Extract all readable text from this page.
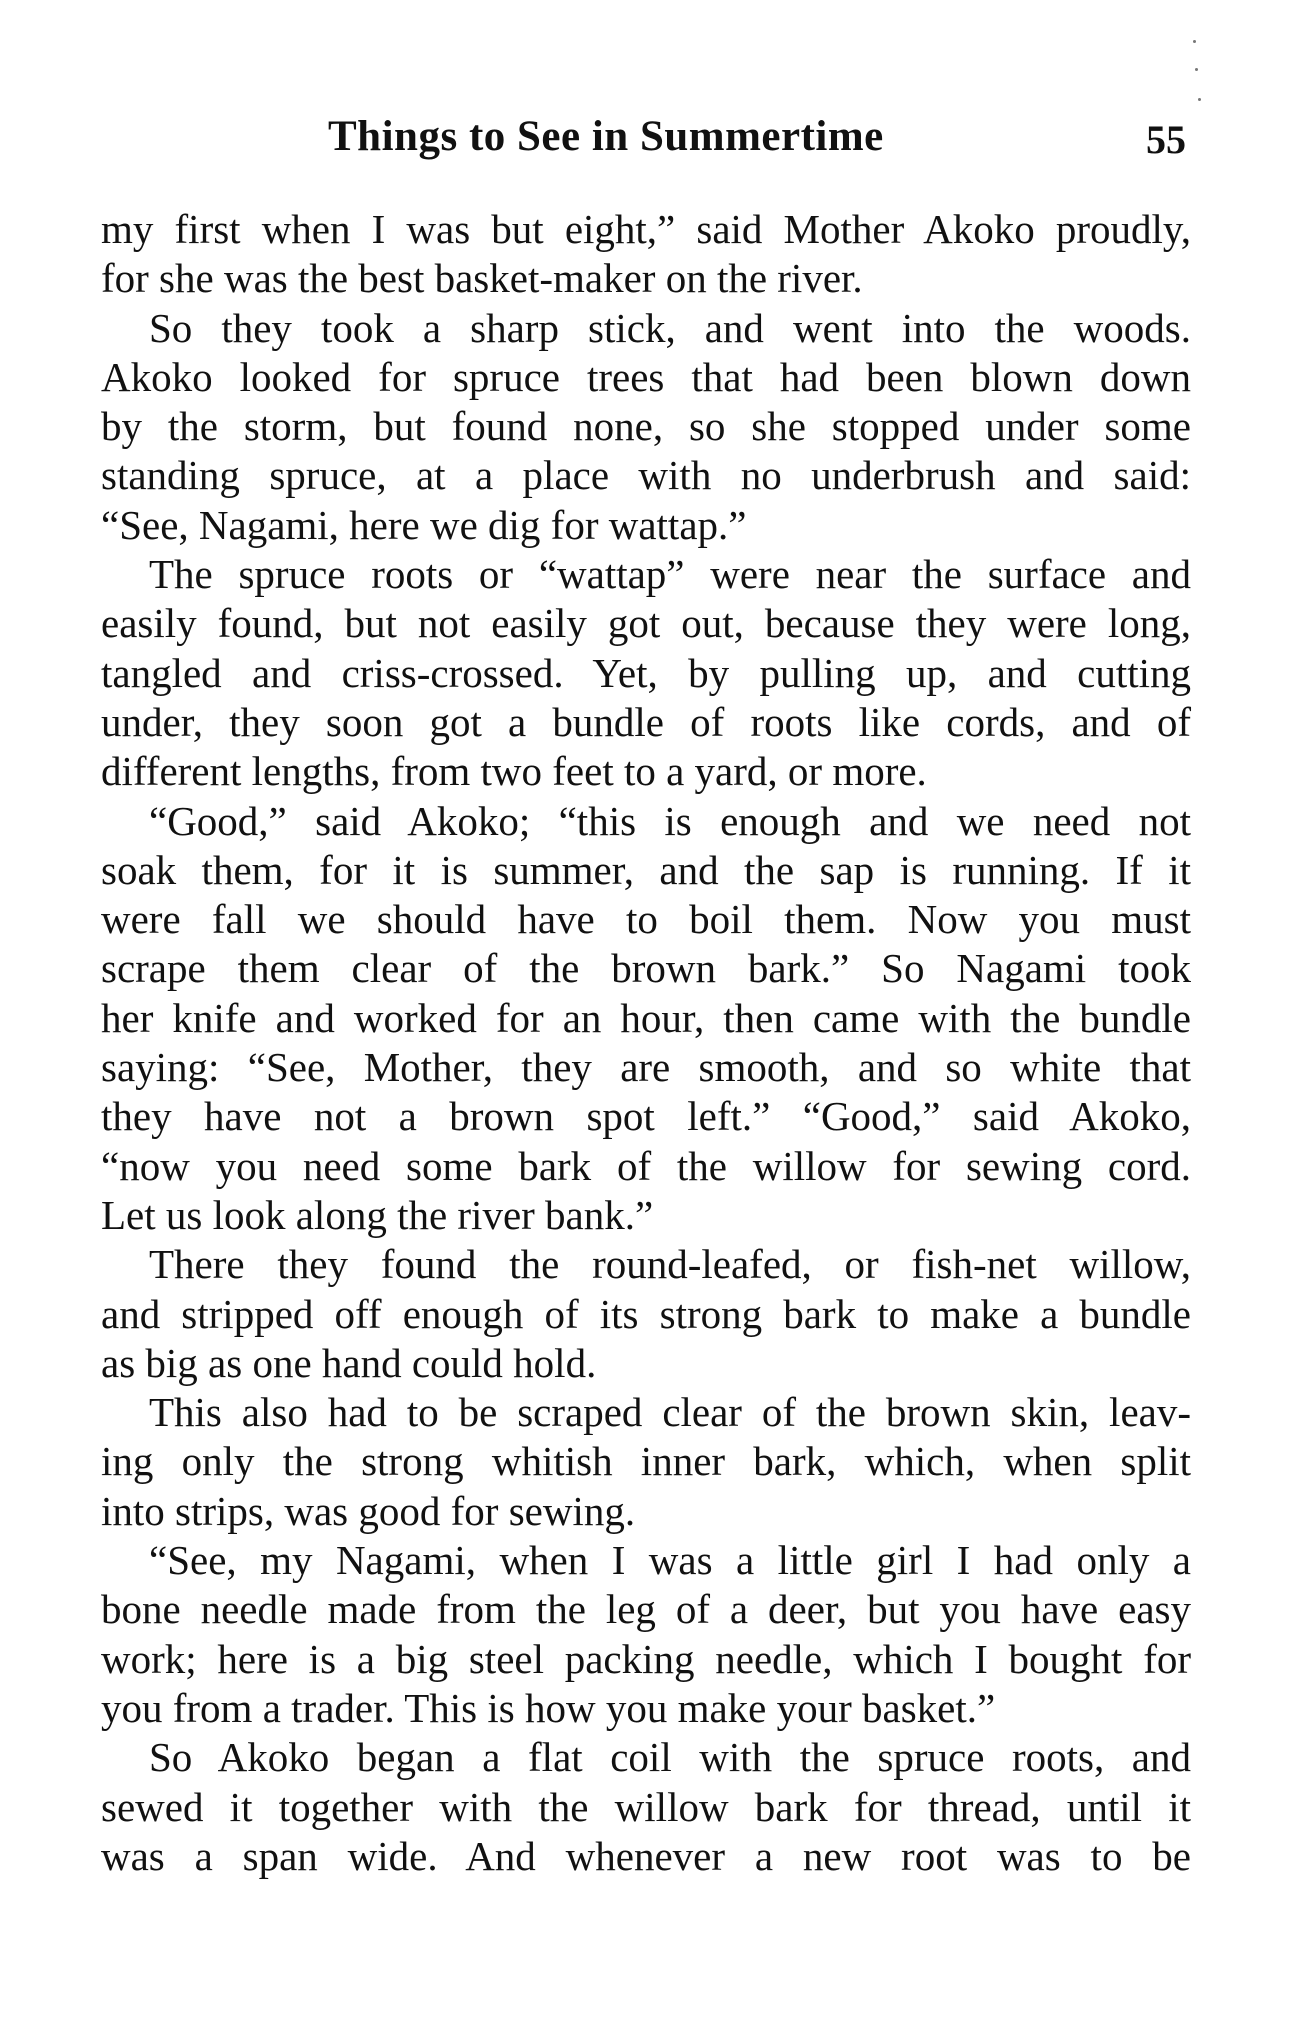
Things to See in Summertime	55
my first when I was but eight,” said Mother Akoko proudly,
for she was the best basket-maker on the river.
So they took a sharp stick, and went into the woods.
Akoko looked for spruce trees that had been blown down
by the storm, but found none, so she stopped under some
standing spruce, at a place with no underbrush and said:
“See, Nagami, here we dig for wattap.”
The spruce roots or “wattap” were near the surface and
easily found, but not easily got out, because they were long,
tangled and criss-crossed. Yet, by pulling up, and cutting
under, they soon got a bundle of roots like cords, and of
different lengths, from two feet to a yard, or more.
“Good,” said Akoko; “this is enough and we need not
soak them, for it is summer, and the sap is running. If it
were fall we should have to boil them. Now you must
scrape them clear of the brown bark.” So Nagami took
her knife and worked for an hour, then came with the bundle
saying: “See, Mother, they are smooth, and so white that
they have not a brown spot left.” “Good,” said Akoko,
“now you need some bark of the willow for sewing cord.
Let us look along the river bank.”
There they found the round-leafed, or fish-net willow,
and stripped off enough of its strong bark to make a bundle
as big as one hand could hold.
This also had to be scraped clear of the brown skin, leav-
ing only the strong whitish inner bark, which, when split
into strips, was good for sewing.
“See, my Nagami, when I was a little girl I had only a
bone needle made from the leg of a deer, but you have easy
work; here is a big steel packing needle, which I bought for
you from a trader. This is how you make your basket.”
So Akoko began a flat coil with the spruce roots, and
sewed it together with the willow bark for thread, until it
was a span wide. And whenever a new root was to be
